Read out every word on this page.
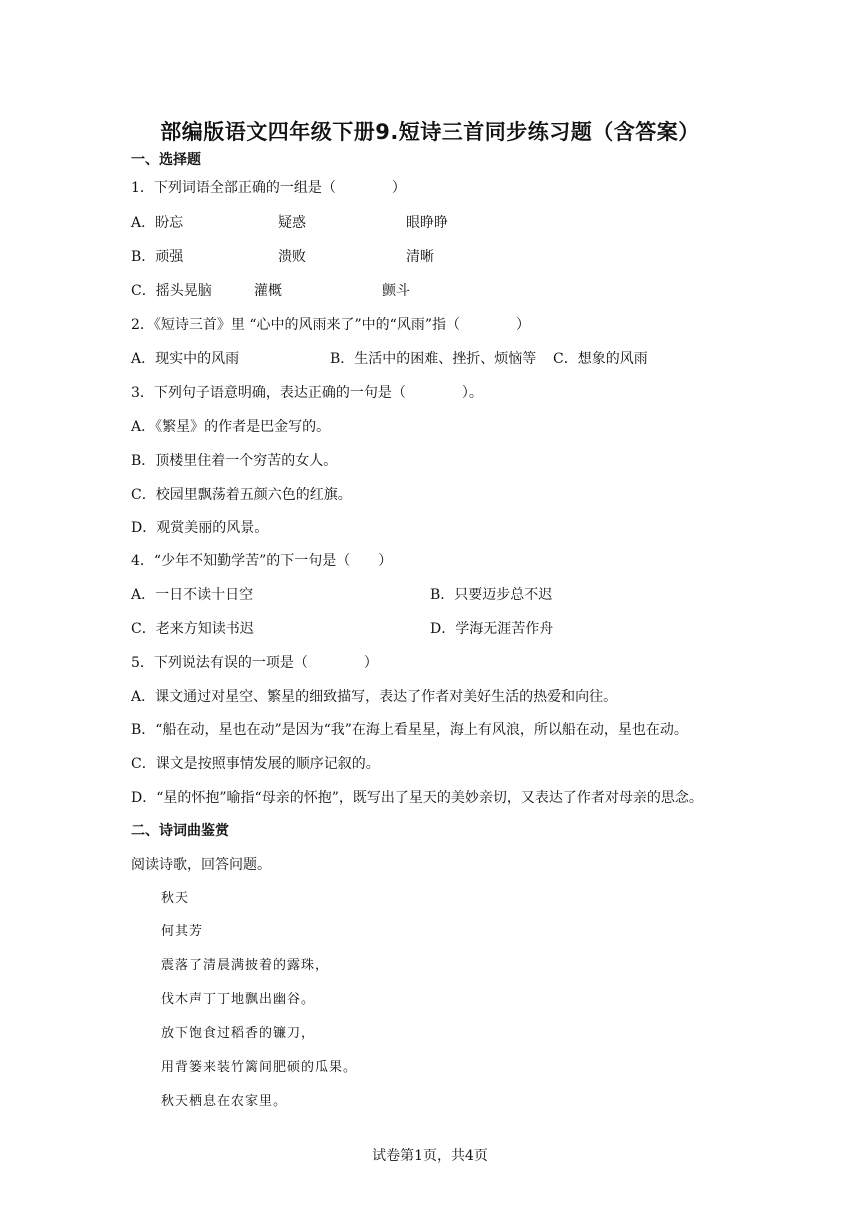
部编版语文四年级下册9.短诗三首同步练习题（含答案）
一、选择题
1．下列词语全部正确的一组是（　　　　）
A．盼忘	疑惑	眼睁睁
B．顽强	溃败	清晰
C．摇头晃脑	灌概	颤斗
2．《短诗三首》里 “心中的风雨来了”中的“风雨”指（　　　　）
A．现实中的风雨	B．生活中的困难、挫折、烦恼等 C．想象的风雨
3．下列句子语意明确，表达正确的一句是（　　　　）。
A．《繁星》的作者是巴金写的。
B．顶楼里住着一个穷苦的女人。
C．校园里飘荡着五颜六色的红旗。
D．观赏美丽的风景。
4．“少年不知勤学苦”的下一句是（　　）
A．一日不读十日空	B．只要迈步总不迟
C．老来方知读书迟	D．学海无涯苦作舟
5．下列说法有误的一项是（　　　　）
A．课文通过对星空、繁星的细致描写，表达了作者对美好生活的热爱和向往。
B．“船在动，星也在动”是因为“我”在海上看星星，海上有风浪，所以船在动，星也在动。
C．课文是按照事情发展的顺序记叙的。
D．“星的怀抱”喻指“母亲的怀抱”，既写出了星天的美妙亲切，又表达了作者对母亲的思念。
二、诗词曲鉴赏
阅读诗歌，回答问题。
秋天
何其芳
震落了清晨满披着的露珠，
伐木声丁丁地飘出幽谷。
放下饱食过稻香的镰刀，
用背篓来装竹篱间肥硕的瓜果。
秋天栖息在农家里。
试卷第1页，共4页
